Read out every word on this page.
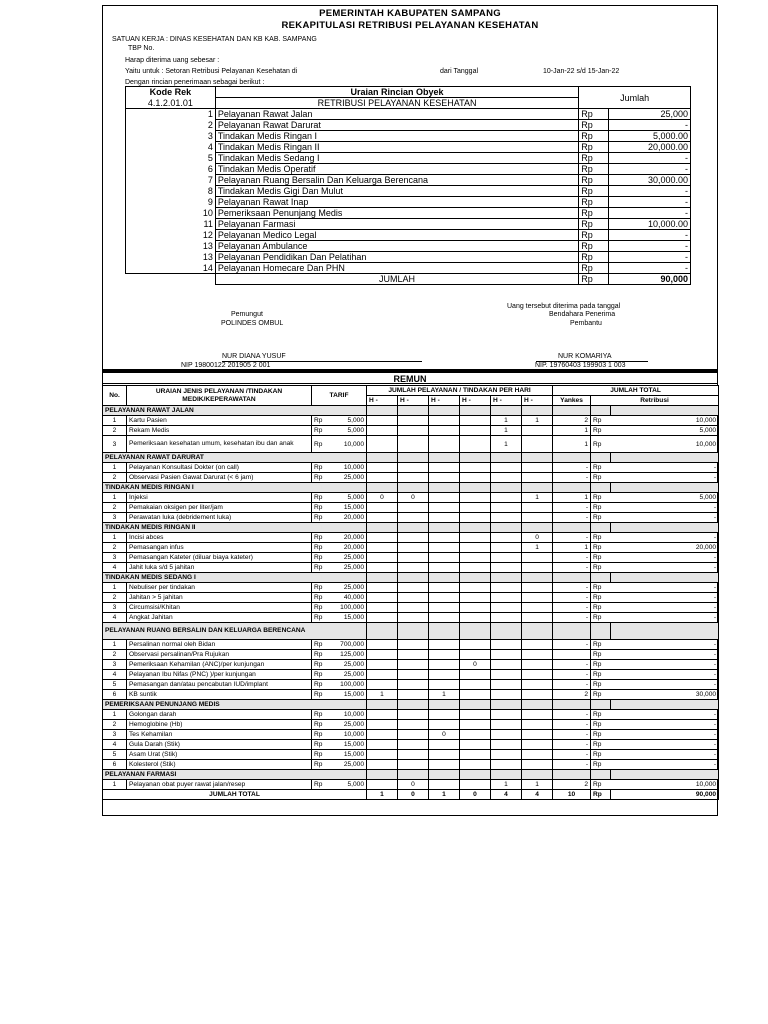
PEMERINTAH KABUPATEN SAMPANG
REKAPITULASI RETRIBUSI PELAYANAN KESEHATAN
SATUAN KERJA : DINAS KESEHATAN DAN KB KAB. SAMPANG
TBP No.
Harap diterima uang sebesar :
Yaitu untuk : Setoran Retribusi Pelayanan Kesehatan di	dari Tanggal	10-Jan-22 s/d 15-Jan-22
Dengan rincian penerimaan sebagai berikut :
Kode Rek	Uraian Rincian Obyek	Jumlah	
4.1.2.01.01	RETRIBUSI PELAYANAN KESEHATAN		
1	Pelayanan Rawat Jalan	Rp	25,000
2	Pelayanan Rawat Darurat	Rp	-
3	Tindakan Medis Ringan I	Rp	5,000.00
4	Tindakan Medis Ringan II	Rp	20,000.00
5	Tindakan Medis Sedang I	Rp	-
6	Tindakan Medis Operatif	Rp	-
7	Pelayanan Ruang Bersalin Dan Keluarga Berencana	Rp	30,000.00
8	Tindakan Medis Gigi Dan Mulut	Rp	-
9	Pelayanan Rawat Inap	Rp	-
10	Pemeriksaan Penunjang Medis	Rp	-
11	Pelayanan Farmasi	Rp	10,000.00
12	Pelayanan Medico Legal	Rp	-
13	Pelayanan Ambulance	Rp	-
13	Pelayanan Pendidikan Dan Pelatihan	Rp	-
14	Pelayanan Homecare Dan PHN	Rp	-
	JUMLAH	Rp	90,000
Uang tersebut diterima pada tanggal
Pemungut	Bendahara Penerima
POLINDES OMBUL	Pembantu
NUR DIANA YUSUF	NUR KOMARIYA
NIP 19800122 201905 2 001	NIP. 19760403 199903 1 003
REMUN
No.	URAIAN JENIS PELAYANAN /TINDAKAN MEDIK/KEPERAWATAN	TARIF		JUMLAH PELAYANAN / TINDAKAN PER HARI						JUMLAH TOTAL		
				H -	H -	H -	H -	H -	H -	Yankes	Retribusi	
PELAYANAN RAWAT JALAN												
1	Kartu Pasien	Rp	5,000					1	1	2	Rp	10,000
2	Rekam Medis	Rp	5,000					1		1	Rp	5,000
3	Pemeriksaan kesehatan umum, kesehatan ibu dan anak	Rp	10,000					1		1	Rp	10,000
PELAYANAN RAWAT DARURAT												
1	Pelayanan Konsultasi Dokter (on call)	Rp	10,000							-	Rp	-
2	Observasi Pasien Gawat Darurat (< 6 jam)	Rp	25,000							-	Rp	-
TINDAKAN MEDIS RINGAN I												
1	Injeksi	Rp	5,000	0	0				1	1	Rp	5,000
2	Pemakaian oksigen per liter/jam	Rp	15,000							-	Rp	-
3	Perawatan luka (debridement luka)	Rp	20,000							-	Rp	-
TINDAKAN MEDIS RINGAN II												
1	Incisi abces	Rp	20,000						0	-	Rp	-
2	Pemasangan infus	Rp	20,000						1	1	Rp	20,000
3	Pemasangan Kateter (diluar biaya kateter)	Rp	25,000							-	Rp	-
4	Jahit luka s/d 5 jahitan	Rp	25,000							-	Rp	-
TINDAKAN MEDIS SEDANG I												
1	Nebuliser per tindakan	Rp	25,000							-	Rp	-
2	Jahitan > 5 jahitan	Rp	40,000							-	Rp	-
3	Circumsisi/Khitan	Rp	100,000							-	Rp	-
4	Angkat Jahitan	Rp	15,000							-	Rp	-
PELAYANAN RUANG BERSALIN DAN KELUARGA BERENCANA												
1	Persalinan normal oleh Bidan	Rp	700,000							-	Rp	-
2	Observasi persalinan/Pra Rujukan	Rp	125,000								Rp	-
3	Pemeriksaan Kehamilan (ANC)/per kunjungan	Rp	25,000				0			-	Rp	-
4	Pelayanan Ibu Nifas (PNC) )/per kunjungan	Rp	25,000							-	Rp	-
5	Pemasangan dan/atau pencabutan IUD/implant	Rp	100,000							-	Rp	-
6	KB suntik	Rp	15,000	1		1				2	Rp	30,000
PEMERIKSAAN PENUNJANG MEDIS												
1	Golongan darah	Rp	10,000							-	Rp	-
2	Hemoglobine (Hb)	Rp	25,000							-	Rp	-
3	Tes Kehamilan	Rp	10,000			0				-	Rp	-
4	Gula Darah (Stik)	Rp	15,000							-	Rp	-
5	Asam Urat (Stik)	Rp	15,000							-	Rp	-
6	Kolesterol (Stik)	Rp	25,000							-	Rp	-
PELAYANAN FARMASI												
1	Pelayanan obat puyer rawat jalan/resep	Rp	5,000		0			1	1	2	Rp	10,000
JUMLAH TOTAL				1	0	1	0	4	4	10	Rp	90,000
